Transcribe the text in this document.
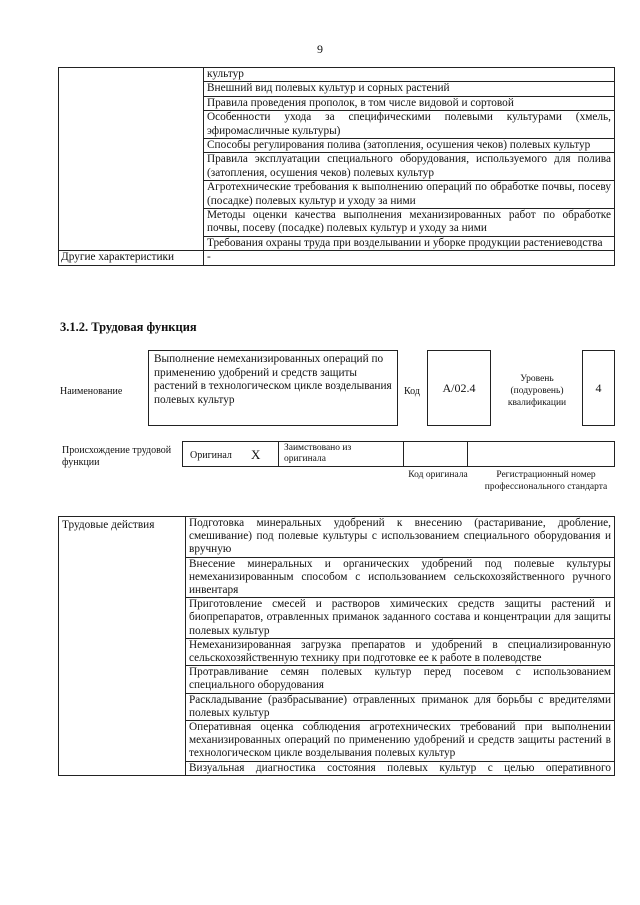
9
	культур
	Внешний вид полевых культур и сорных растений
	Правила проведения прополок, в том числе видовой и сортовой
	Особенности ухода за специфическими полевыми культурами (хмель, эфиромасличные культуры)
	Способы регулирования полива (затопления, осушения чеков) полевых культур
	Правила эксплуатации специального оборудования, используемого для полива (затопления, осушения чеков) полевых культур
	Агротехнические требования к выполнению операций по обработке почвы, посеву (посадке) полевых культур и уходу за ними
	Методы оценки качества выполнения механизированных работ по обработке почвы, посеву (посадке) полевых культур и уходу за ними
	Требования охраны труда при возделывании и уборке продукции растениеводства
Другие характеристики	-
3.1.2. Трудовая функция
Наименование
Выполнение немеханизированных операций по применению удобрений и средств защиты растений в технологическом цикле возделывания полевых культур
Код A/02.4
Уровень (подуровень) квалификации
4
Происхождение трудовой функции
Оригинал X Заимствовано из оригинала
Код оригинала	Регистрационный номер профессионального стандарта
Трудовые действия	Подготовка минеральных удобрений к внесению (растаривание, дробление, смешивание) под полевые культуры с использованием специального оборудования и вручную
Внесение минеральных и органических удобрений под полевые культуры немеханизированным способом с использованием сельскохозяйственного ручного инвентаря
Приготовление смесей и растворов химических средств защиты растений и биопрепаратов, отравленных приманок заданного состава и концентрации для защиты полевых культур
Немеханизированная загрузка препаратов и удобрений в специализированную сельскохозяйственную технику при подготовке ее к работе в полеводстве
Протравливание семян полевых культур перед посевом с использованием специального оборудования
Раскладывание (разбрасывание) отравленных приманок для борьбы с вредителями полевых культур
Оперативная оценка соблюдения агротехнических требований при выполнении механизированных операций по применению удобрений и средств защиты растений в технологическом цикле возделывания полевых культур
Визуальная диагностика состояния полевых культур с целью оперативного
